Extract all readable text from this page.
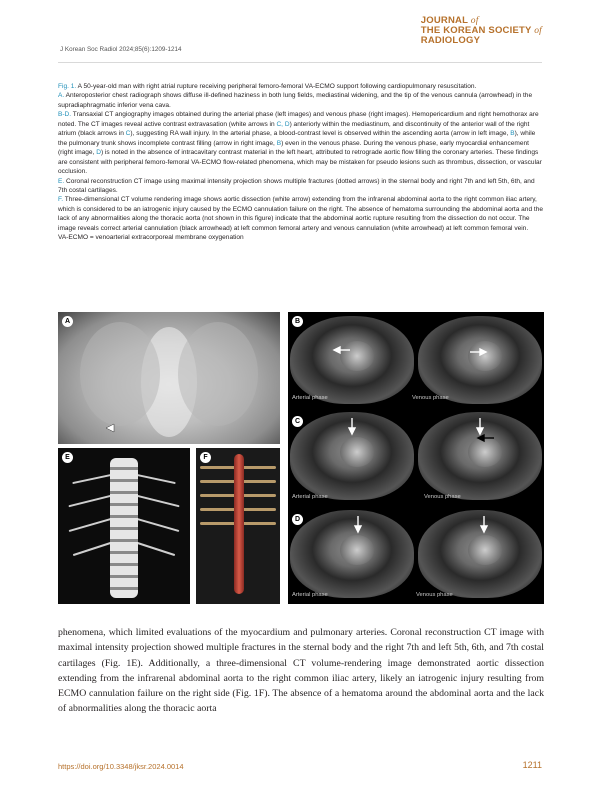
J Korean Soc Radiol 2024;85(6):1209-1214
JOURNAL of
THE KOREAN SOCIETY of
RADIOLOGY

Fig. 1. A 50-year-old man with right atrial rupture receiving peripheral femoro-femoral VA-ECMO support following cardiopulmonary resuscitation.

A. Anteroposterior chest radiograph shows diffuse ill-defined haziness in both lung fields, mediastinal widening, and the tip of the venous cannula (arrowhead) in the supradiaphragmatic inferior vena cava.

B-D. Transaxial CT angiography images obtained during the arterial phase (left images) and venous phase (right images). Hemopericardium and right hemothorax are noted. The CT images reveal active contrast extravasation (white arrows in C, D) anteriorly within the mediastinum, and discontinuity of the anterior wall of the right atrium (black arrows in C), suggesting RA wall injury. In the arterial phase, a blood-contrast level is observed within the ascending aorta (arrow in left image, B), while the pulmonary trunk shows incomplete contrast filling (arrow in right image, B) even in the venous phase. During the venous phase, early myocardial enhancement (right image, D) is noted in the absence of intracavitary contrast material in the left heart, attributed to retrograde aortic flow filling the coronary arteries. These findings are consistent with peripheral femoro-femoral VA-ECMO flow-related phenomena, which may be mistaken for pseudo lesions such as thrombus, dissection, or vascular occlusion.

E. Coronal reconstruction CT image using maximal intensity projection shows multiple fractures (dotted arrows) in the sternal body and right 7th and left 5th, 6th, and 7th costal cartilages.

F. Three-dimensional CT volume rendering image shows aortic dissection (white arrow) extending from the infrarenal abdominal aorta to the right common iliac artery, which is considered to be an iatrogenic injury caused by the ECMO cannulation failure on the right. The absence of hematoma surrounding the abdominal aorta and the lack of any abnormalities along the thoracic aorta (not shown in this figure) indicate that the abdominal aortic rupture resulting from the dissection do not occur. The image reveals correct arterial cannulation (black arrowhead) at left common femoral artery and venous cannulation (white arrowhead) at left common femoral vein.

VA-ECMO = venoarterial extracorporeal membrane oxygenation

A	B
Arterial phase	Venous phase
C
Arterial phase	Venous phase
D
Arterial phase	Venous phase
E	F

phenomena, which limited evaluations of the myocardium and pulmonary arteries. Coronal reconstruction CT image with maximal intensity projection showed multiple fractures in the sternal body and the right 7th and left 5th, 6th, and 7th costal cartilages (Fig. 1E). Additionally, a three-dimensional CT volume-rendering image demonstrated aortic dissection extending from the infrarenal abdominal aorta to the right common iliac artery, likely an iatrogenic injury resulting from ECMO cannulation failure on the right side (Fig. 1F). The absence of a hematoma around the abdominal aorta and the lack of abnormalities along the thoracic aorta

https://doi.org/10.3348/jksr.2024.0014	1211
